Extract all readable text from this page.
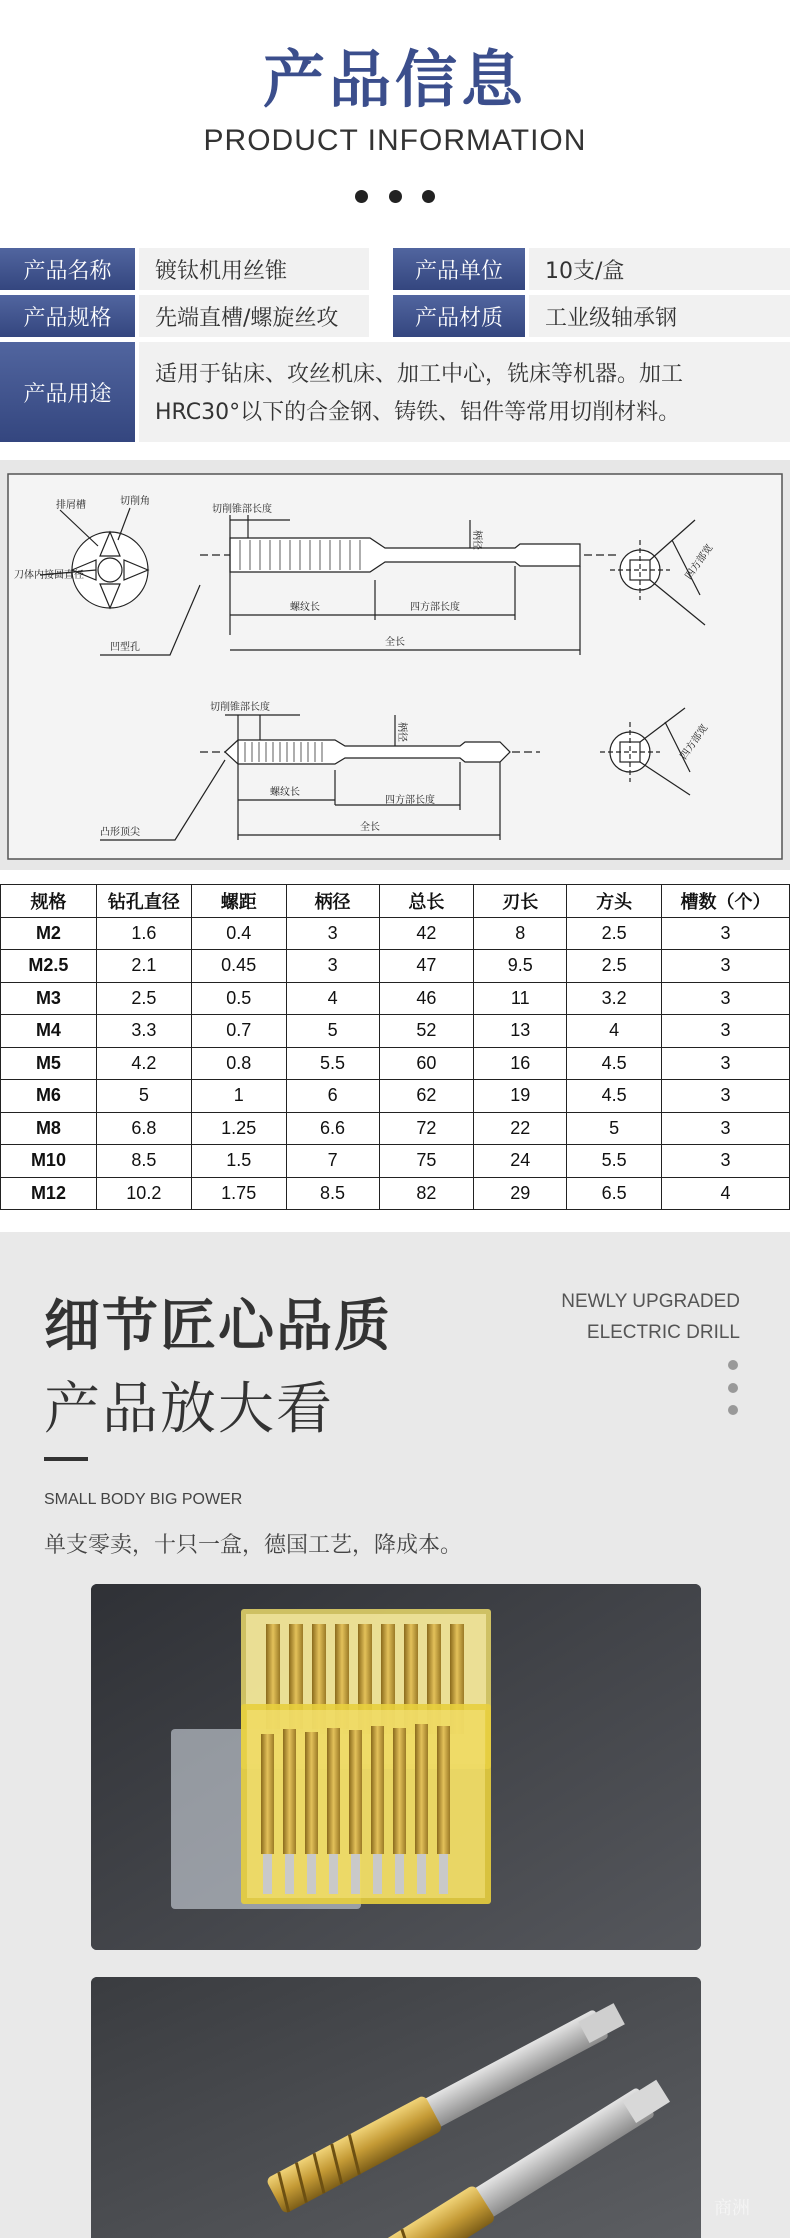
产品信息
PRODUCT INFORMATION
产品名称	镀钛机用丝锥	产品单位	10支/盒
产品规格	先端直槽/螺旋丝攻	产品材质	工业级轴承钢
产品用途
适用于钻床、攻丝机床、加工中心，铣床等机器。加工
HRC30°以下的合金钢、铸铁、铝件等常用切削材料。
排屑槽	切削角
刀体内接圆直径
切削锥部长度
柄径
螺纹长	四方部长度
全长
凹型孔
四方部宽
切削锥部长度
柄径
螺纹长
四方部长度
全长
凸形顶尖
四方部宽
规格	钻孔直径	螺距	柄径	总长	刃长	方头	槽数（个）
M2	1.6	0.4	3	42	8	2.5	3
M2.5	2.1	0.45	3	47	9.5	2.5	3
M3	2.5	0.5	4	46	11	3.2	3
M4	3.3	0.7	5	52	13	4	3
M5	4.2	0.8	5.5	60	16	4.5	3
M6	5	1	6	62	19	4.5	3
M8	6.8	1.25	6.6	72	22	5	3
M10	8.5	1.5	7	75	24	5.5	3
M12	10.2	1.75	8.5	82	29	6.5	4
细节匠心品质
产品放大看
NEWLY UPGRADED
ELECTRIC DRILL
SMALL BODY BIG POWER
单支零卖，十只一盒，德国工艺，降成本。
商洲
